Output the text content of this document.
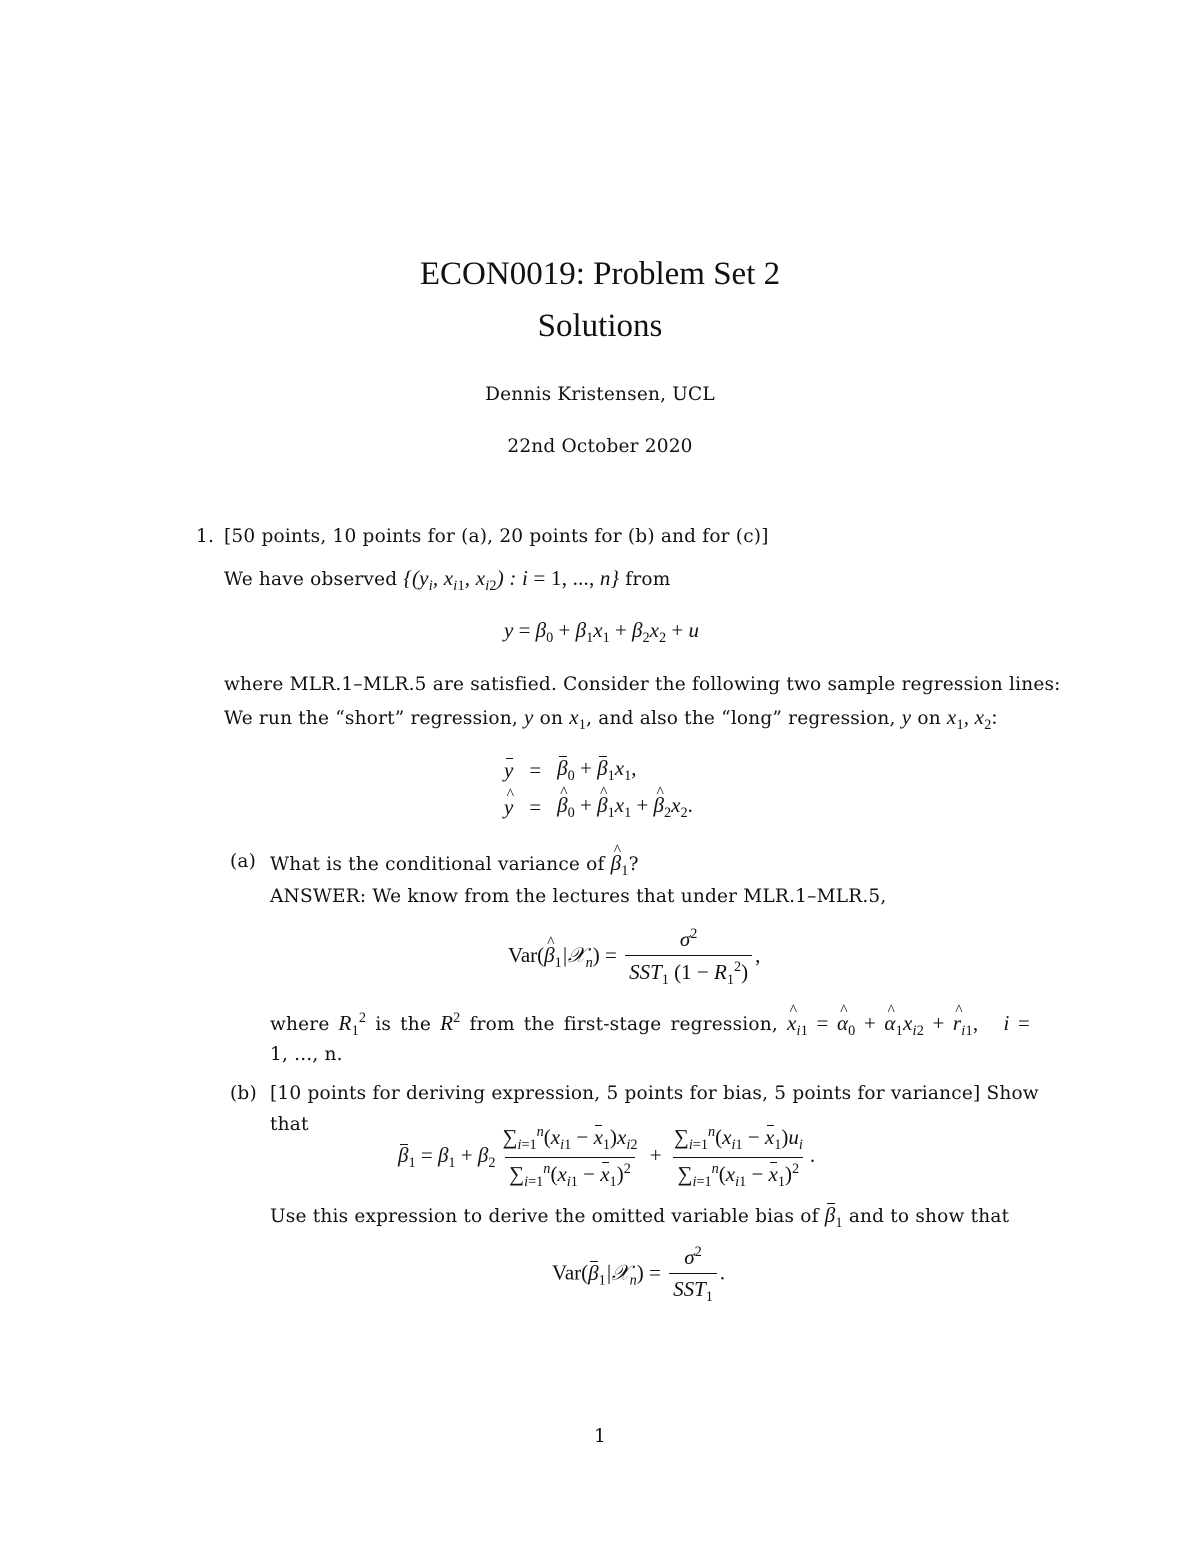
ECON0019: Problem Set 2
Solutions
Dennis Kristensen, UCL
22nd October 2020
1. [50 points, 10 points for (a), 20 points for (b) and for (c)]
We have observed {($y_i$, $x_{i1}$, $x_{i2}$) : i = 1, ..., n} from
$y = \beta_0 + \beta_1x_1 + \beta_2x_2 + u$
where MLR.1–MLR.5 are satisfied. Consider the following two sample regression lines:
We run the “short” regression, y on $x_1$, and also the “long” regression, y on $x_1$, $x_2$:
y	=	$\beta_0 + \beta_1x_1$,
^ y	=	^ $\beta_0$ + ^ $\beta_1x_1$ + ^ $\beta_2x_2$.
(a) What is the conditional variance of ^ $\beta_1$?
ANSWER: We know from the lectures that under MLR.1–MLR.5,
Var(^ $\beta_1|𝒳_n) = \frac{\sigma^2}{SST_1 (1 - R_1^2)}$ ,
where $R_1^2$ is the $R^2$ from the first-stage regression, ^ $x_{i1}$ = ^ $\alpha_0$ + ^ $\alpha_1x_{i2}$ + ^ $r_{i1}$,   i =
1, ..., n.
(b) [10 points for deriving expression, 5 points for bias, 5 points for variance] Show
that
$\beta_1 = \beta_1 + \beta_2 \frac{\sum_{i=1}^n(x_{i1} - x_1)x_{i2}}{\sum_{i=1}^n(x_{i1} - x_1)^2} + \frac{\sum_{i=1}^n(x_{i1} - x_1)u_i}{\sum_{i=1}^n(x_{i1} - x_1)^2}$ .
Use this expression to derive the omitted variable bias of $\beta_1$ and to show that
$Var(\beta_1|𝒳_n) = \frac{\sigma^2}{SST_1}$ .
1
